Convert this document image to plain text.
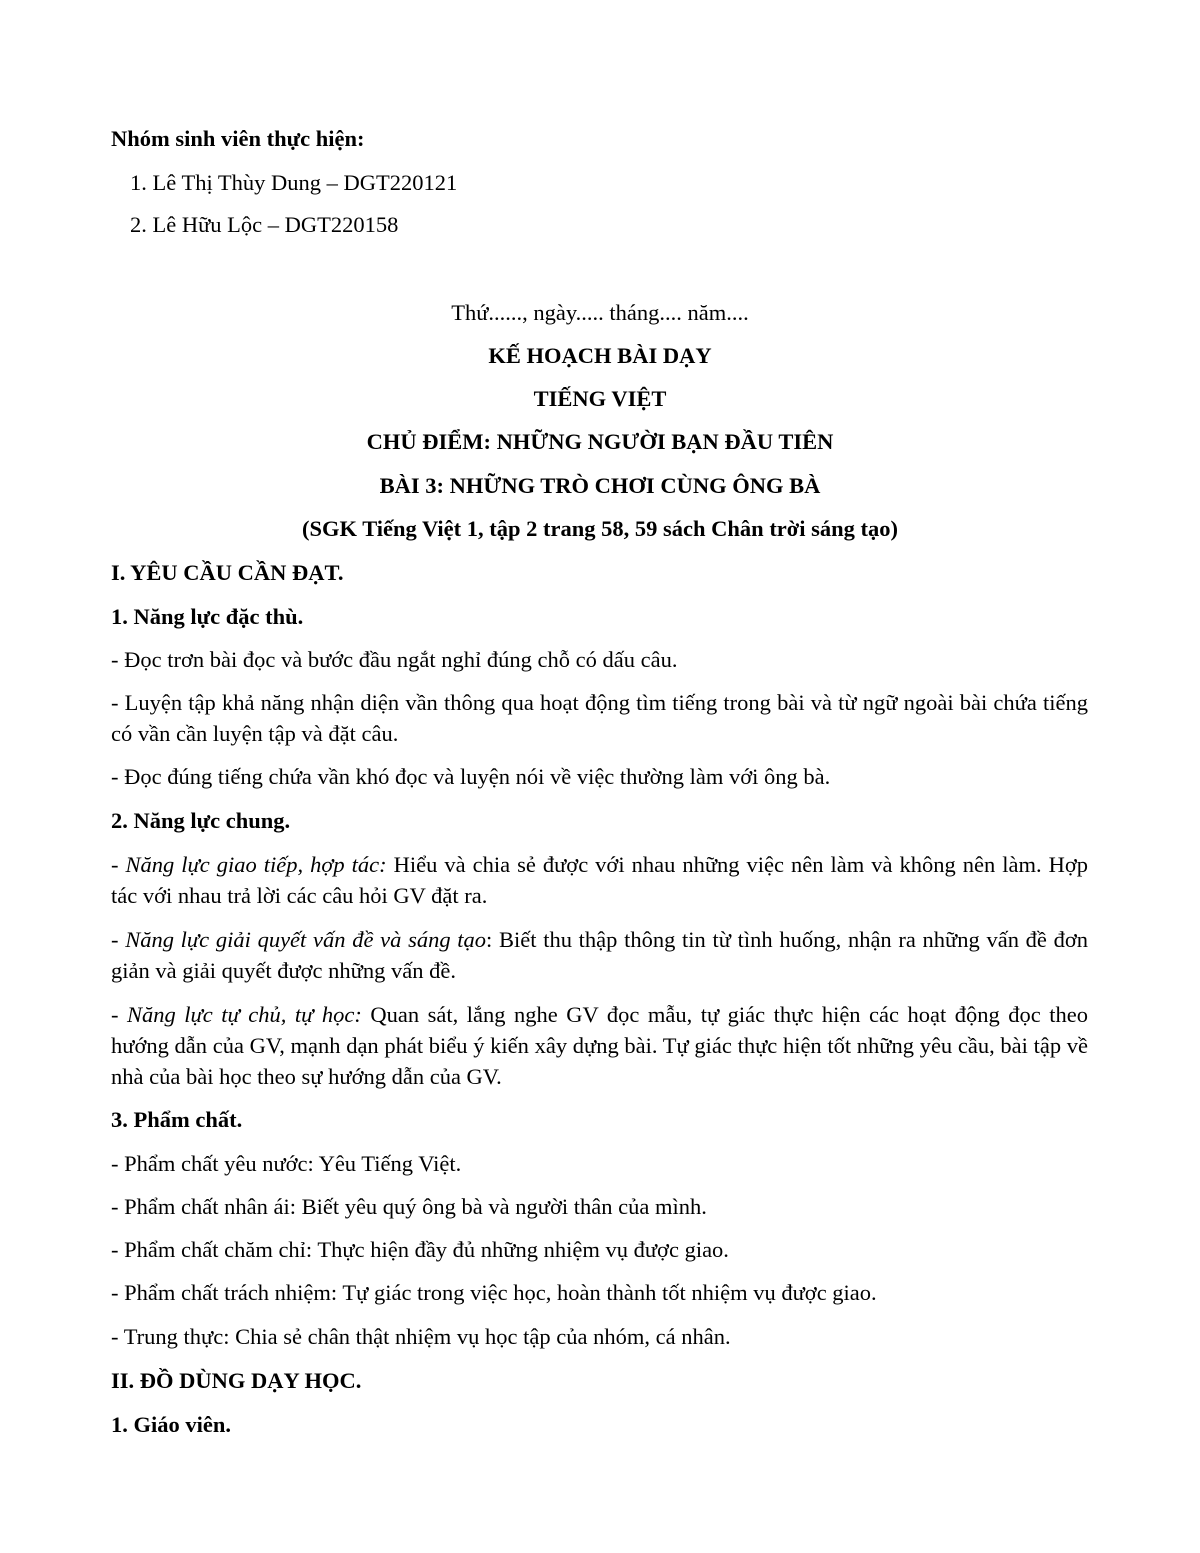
Nhóm sinh viên thực hiện:
1. Lê Thị Thùy Dung – DGT220121
2. Lê Hữu Lộc – DGT220158
Thứ......, ngày..... tháng.... năm....
KẾ HOẠCH BÀI DẠY
TIẾNG VIỆT
CHỦ ĐIỂM: NHỮNG NGƯỜI BẠN ĐẦU TIÊN
BÀI 3: NHỮNG TRÒ CHƠI CÙNG ÔNG BÀ
(SGK Tiếng Việt 1, tập 2 trang 58, 59 sách Chân trời sáng tạo)
I. YÊU CẦU CẦN ĐẠT.
1. Năng lực đặc thù.
- Đọc trơn bài đọc và bước đầu ngắt nghỉ đúng chỗ có dấu câu.
- Luyện tập khả năng nhận diện vần thông qua hoạt động tìm tiếng trong bài và từ ngữ ngoài bài chứa tiếng có vần cần luyện tập và đặt câu.
- Đọc đúng tiếng chứa vần khó đọc và luyện nói về việc thường làm với ông bà.
2. Năng lực chung.
- Năng lực giao tiếp, hợp tác: Hiểu và chia sẻ được với nhau những việc nên làm và không nên làm. Hợp tác với nhau trả lời các câu hỏi GV đặt ra.
- Năng lực giải quyết vấn đề và sáng tạo: Biết thu thập thông tin từ tình huống, nhận ra những vấn đề đơn giản và giải quyết được những vấn đề.
- Năng lực tự chủ, tự học: Quan sát, lắng nghe GV đọc mẫu, tự giác thực hiện các hoạt động đọc theo hướng dẫn của GV, mạnh dạn phát biểu ý kiến xây dựng bài. Tự giác thực hiện tốt những yêu cầu, bài tập về nhà của bài học theo sự hướng dẫn của GV.
3. Phẩm chất.
- Phẩm chất yêu nước: Yêu Tiếng Việt.
- Phẩm chất nhân ái: Biết yêu quý ông bà và người thân của mình.
- Phẩm chất chăm chỉ: Thực hiện đầy đủ những nhiệm vụ được giao.
- Phẩm chất trách nhiệm: Tự giác trong việc học, hoàn thành tốt nhiệm vụ được giao.
- Trung thực: Chia sẻ chân thật nhiệm vụ học tập của nhóm, cá nhân.
II. ĐỒ DÙNG DẠY HỌC.
1. Giáo viên.
